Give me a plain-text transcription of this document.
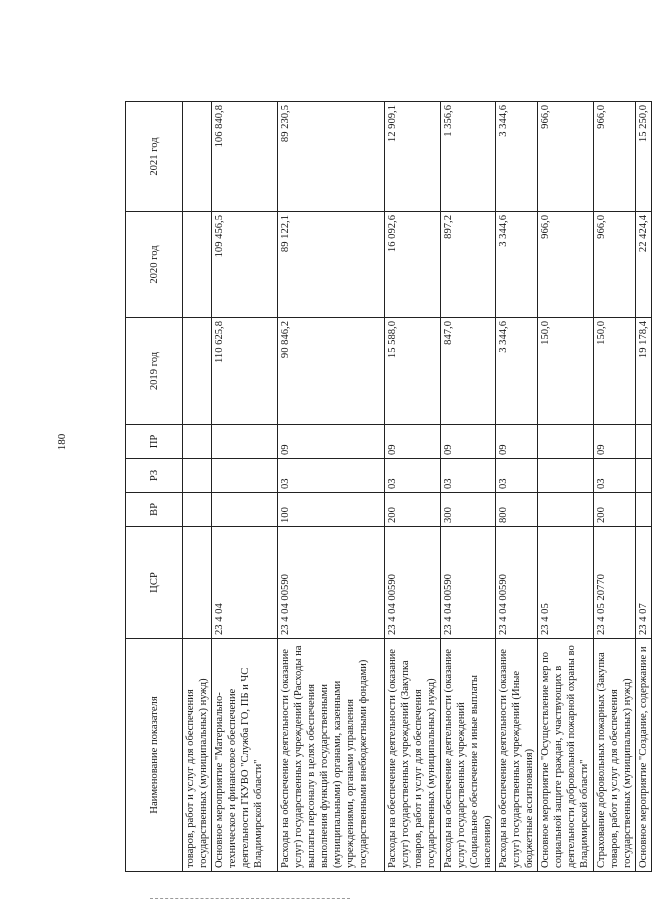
180
Наименование показателя	ЦСР	ВР	РЗ	ПР	2019 год	2020 год	2021 год
товаров, работ и услуг для обеспечения государственных (муниципальных) нужд)							
Основное мероприятие "Материально-техническое и финансовое обеспечение деятельности ГКУВО "Служба ГО, ПБ и ЧС Владимирской области"	23 4 04				110 625,8	109 456,5	106 840,8
Расходы на обеспечение деятельности (оказание услуг) государственных учреждений (Расходы на выплаты персоналу в целях обеспечения выполнения функций государственными (муниципальными) органами, казенными учреждениями, органами управления государственными внебюджетными фондами)	23 4 04 00590	100	03	09	90 846,2	89 122,1	89 230,5
Расходы на обеспечение деятельности (оказание услуг) государственных учреждений (Закупка товаров, работ и услуг для обеспечения государственных (муниципальных) нужд)	23 4 04 00590	200	03	09	15 588,0	16 092,6	12 909,1
Расходы на обеспечение деятельности (оказание услуг) государственных учреждений (Социальное обеспечение и иные выплаты населению)	23 4 04 00590	300	03	09	847,0	897,2	1 356,6
Расходы на обеспечение деятельности (оказание услуг) государственных учреждений (Иные бюджетные ассигнования)	23 4 04 00590	800	03	09	3 344,6	3 344,6	3 344,6
Основное мероприятие "Осуществление мер по социальной защите граждан, участвующих в деятельности добровольной пожарной охраны во Владимирской области"	23 4 05				150,0	966,0	966,0
Страхование добровольных пожарных (Закупка товаров, работ и услуг для обеспечения государственных (муниципальных) нужд)	23 4 05 20770	200	03	09	150,0	966,0	966,0
Основное мероприятие "Создание, содержание и	23 4 07				19 178,4	22 424,4	15 250,0
